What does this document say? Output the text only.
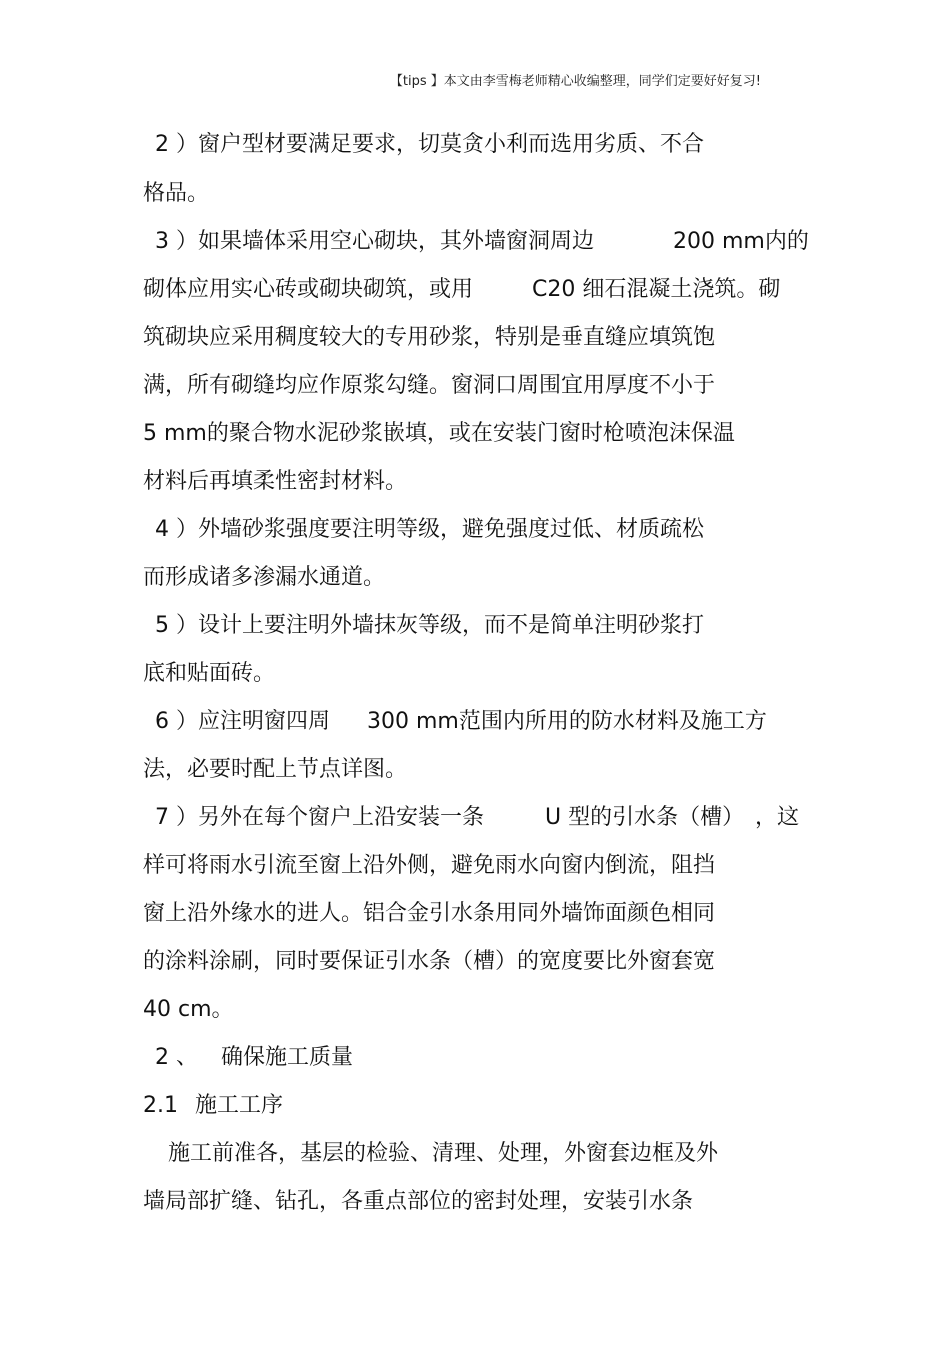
【tips 】本文由李雪梅老师精心收编整理，同学们定要好好复习!
2 ）窗户型材要满足要求，切莫贪小利而选用劣质、不合
格品。
3 ）如果墙体采用空心砌块，其外墙窗洞周边	200 mm内的
砌体应用实心砖或砌块砌筑，或用	C20 细石混凝土浇筑。砌
筑砌块应采用稠度较大的专用砂浆，特别是垂直缝应填筑饱
满，所有砌缝均应作原浆勾缝。窗洞口周围宜用厚度不小于
5 mm的聚合物水泥砂浆嵌填，或在安装门窗时枪喷泡沫保温
材料后再填柔性密封材料。
4 ）外墙砂浆强度要注明等级，避免强度过低、材质疏松
而形成诸多渗漏水通道。
5 ）设计上要注明外墙抹灰等级，而不是简单注明砂浆打
底和贴面砖。
6 ）应注明窗四周 300 mm范围内所用的防水材料及施工方
法，必要时配上节点详图。
7 ）另外在每个窗户上沿安装一条	U 型的引水条（槽） ，这
样可将雨水引流至窗上沿外侧，避免雨水向窗内倒流，阻挡
窗上沿外缘水的进人。铝合金引水条用同外墙饰面颜色相同
的涂料涂刷，同时要保证引水条（槽）的宽度要比外窗套宽
40 cm。
2 、 确保施工质量
2.1 施工工序
施工前准各，基层的检验、清理、处理，外窗套边框及外
墙局部扩缝、钻孔，各重点部位的密封处理，安装引水条
